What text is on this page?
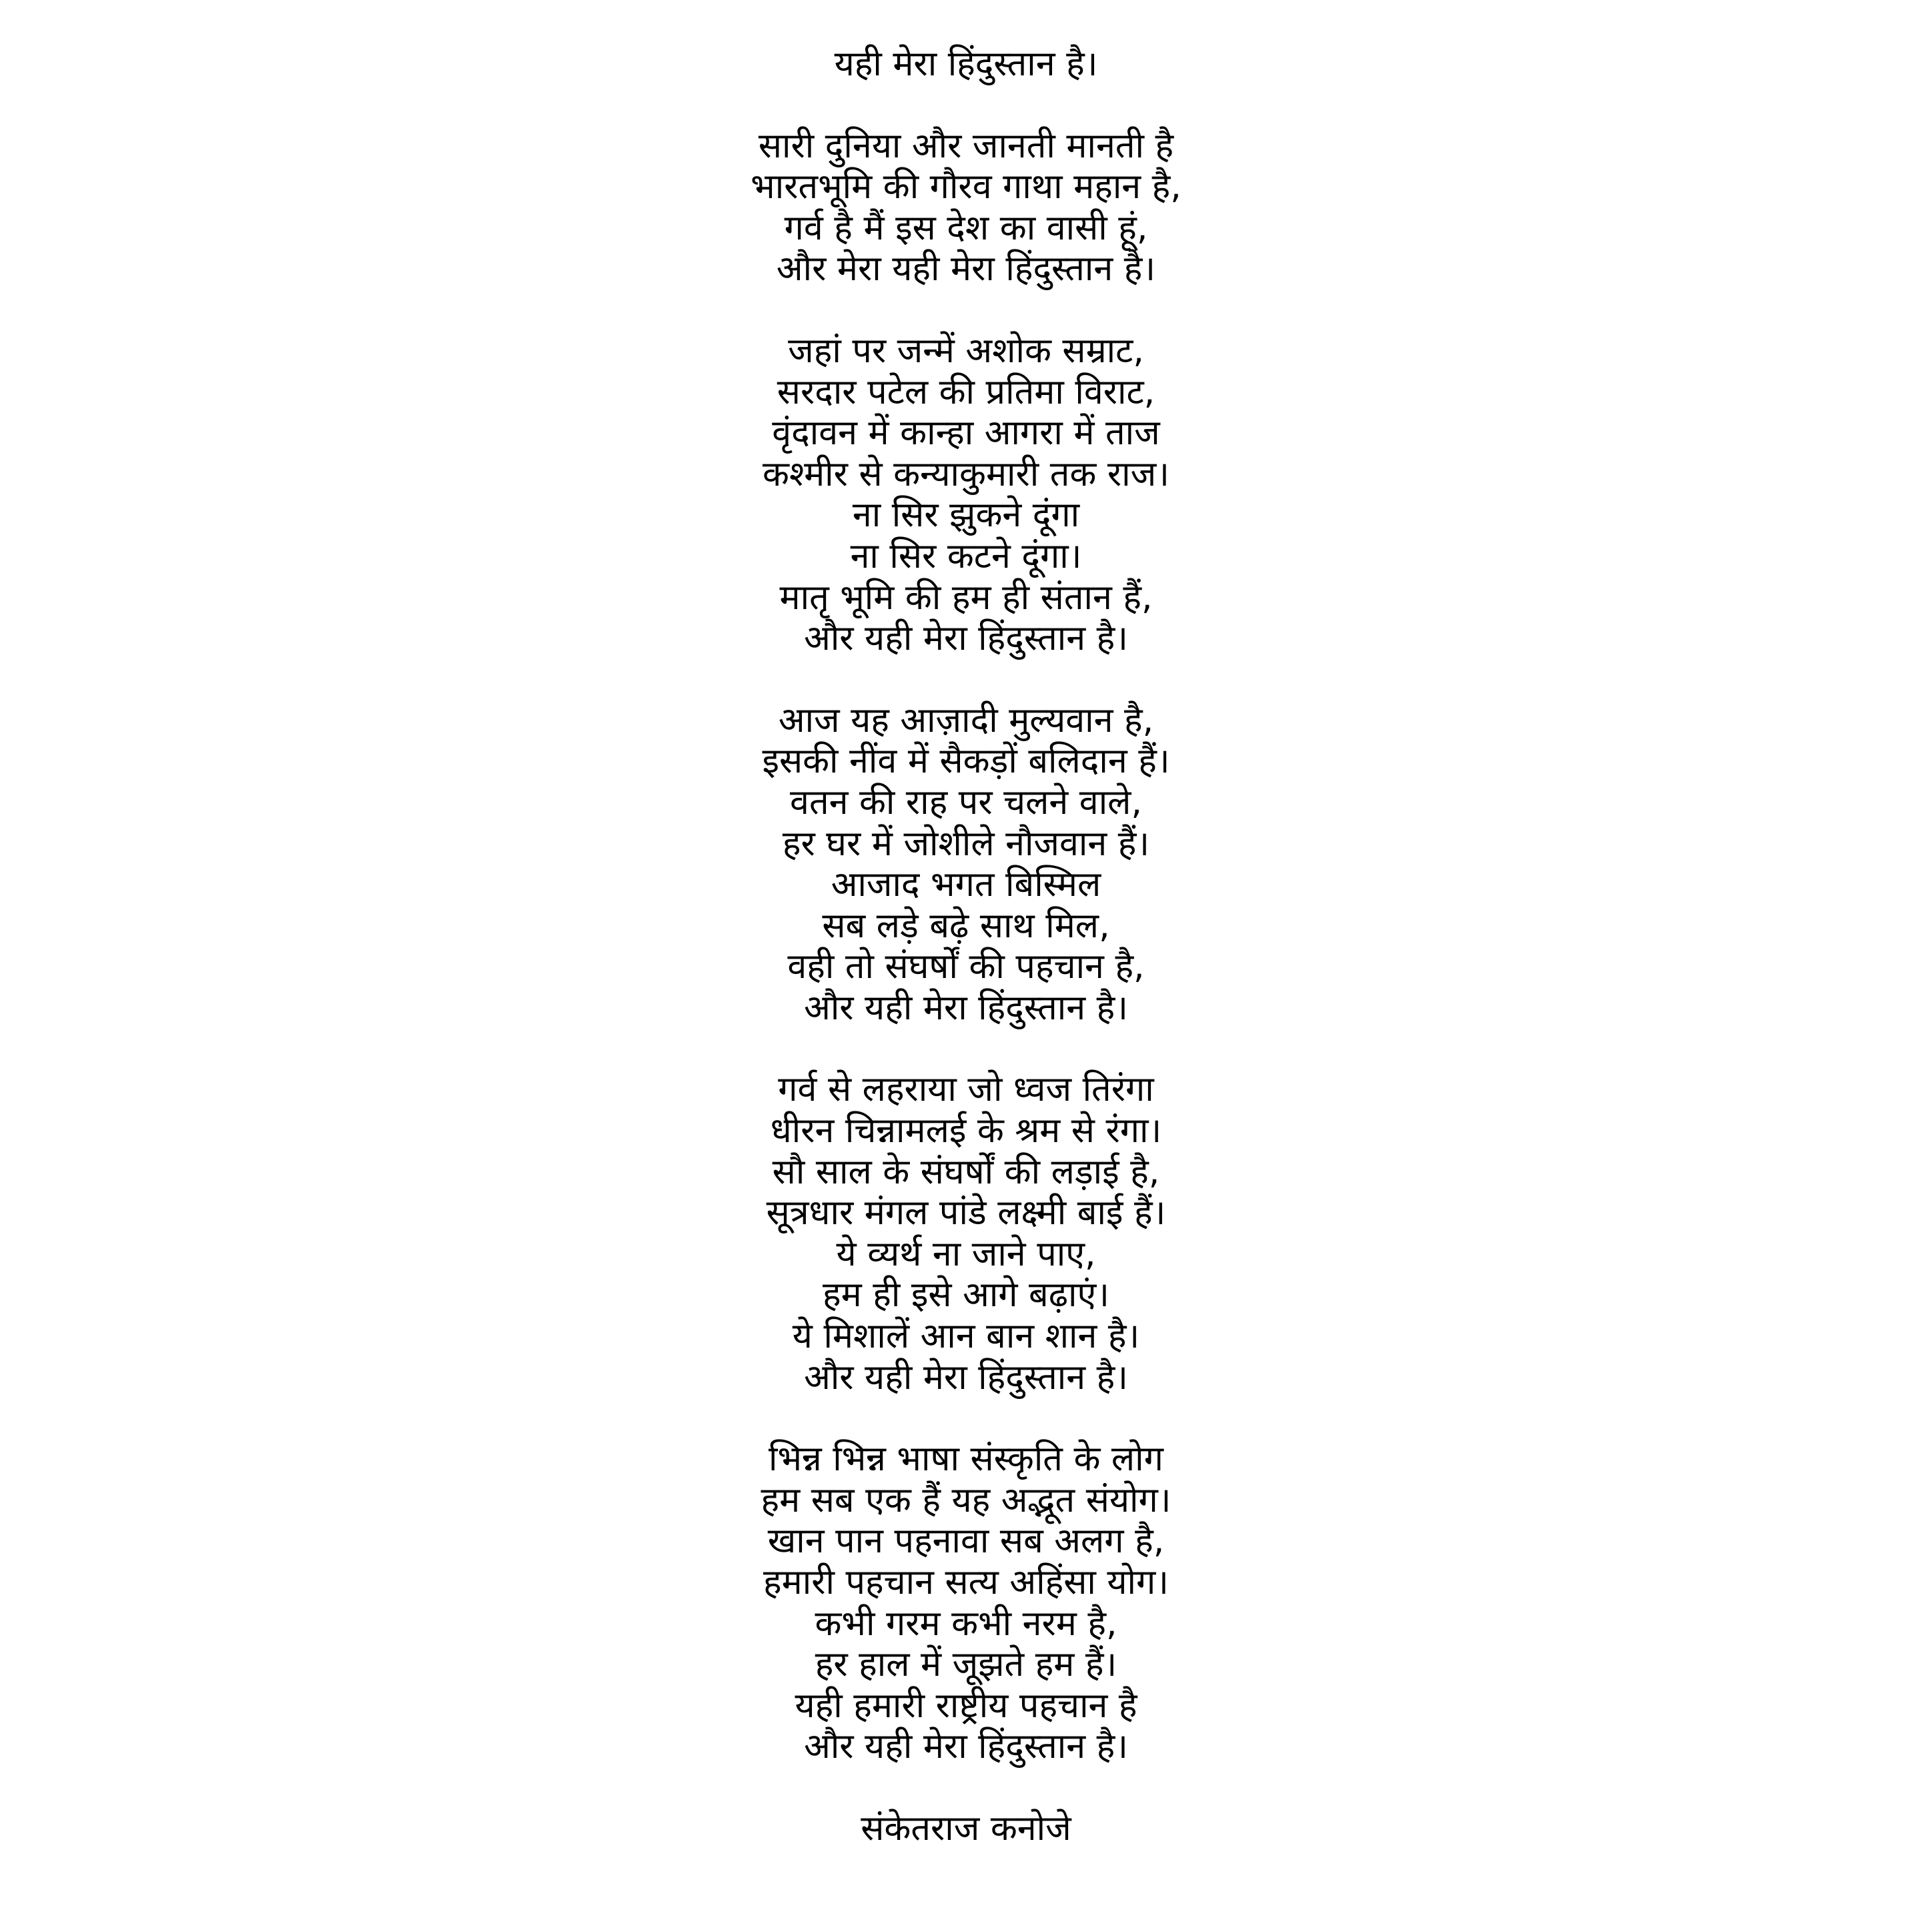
यही मेरा हिंदुस्तान है।
सारी दुनिया और जानती मानती है
भारतभूमि की गौरव गाथा महान है,
गर्व है मैं इस देश का वासी हूं,
और मेरा यही मेरा हिंदुस्तान है।
जहां पर जन्में अशोक सम्राट,
सरदार पटेल की प्रतिमा विराट,
वृंदावन में कान्हा आगरा में ताज
कश्मीर से कन्याकुमारी तक राज।
ना सिर झुकने दूंगा
ना सिर कटने दूंगा।
मातृ भूमि की हम ही संतान हैं,
और यही मेरा हिंदुस्तान है।
आज यह आज़ादी मुल्यवान है,
इसकी नींव में सैकड़ों बलिदान हैं।
वतन की राह पर चलने वाले,
हर घर में जोशीले नौजवान हैं।
आजाद भगत बिस्मिल
सब लड़े बढ़े साथ मिल,
वही तो संघर्षों की पहचान है,
और यही मेरा हिंदुस्तान है।
गर्व से लहराया जो ध्वज तिरंगा
धीरन चिन्नामलई के श्रम से रंगा।
सौ साल के संघर्षों की लड़ाई है,
सूत्रधार मंगल पांडे लक्ष्मी बाई हैं।
ये व्यर्थ ना जाने पाए,
हम ही इसे आगे बढ़ाएं।
ये मिशालें आन बान शान है।
और यही मेरा हिंदुस्तान है।
भिन्न भिन्न भाषा संस्कृति के लोग
हम सब एक हैं यह अद्भूत संयोग।
खान पान पहनावा सब अलग है,
हमारी पहचान सत्य अहिंसा योग।
कभी गरम कभी नरम है,
हर हाल में जूझते हम हैं।
यही हमारी राष्ट्रीय पहचान है
और यही मेरा हिंदुस्तान है।

संकेतराज कनोजे
